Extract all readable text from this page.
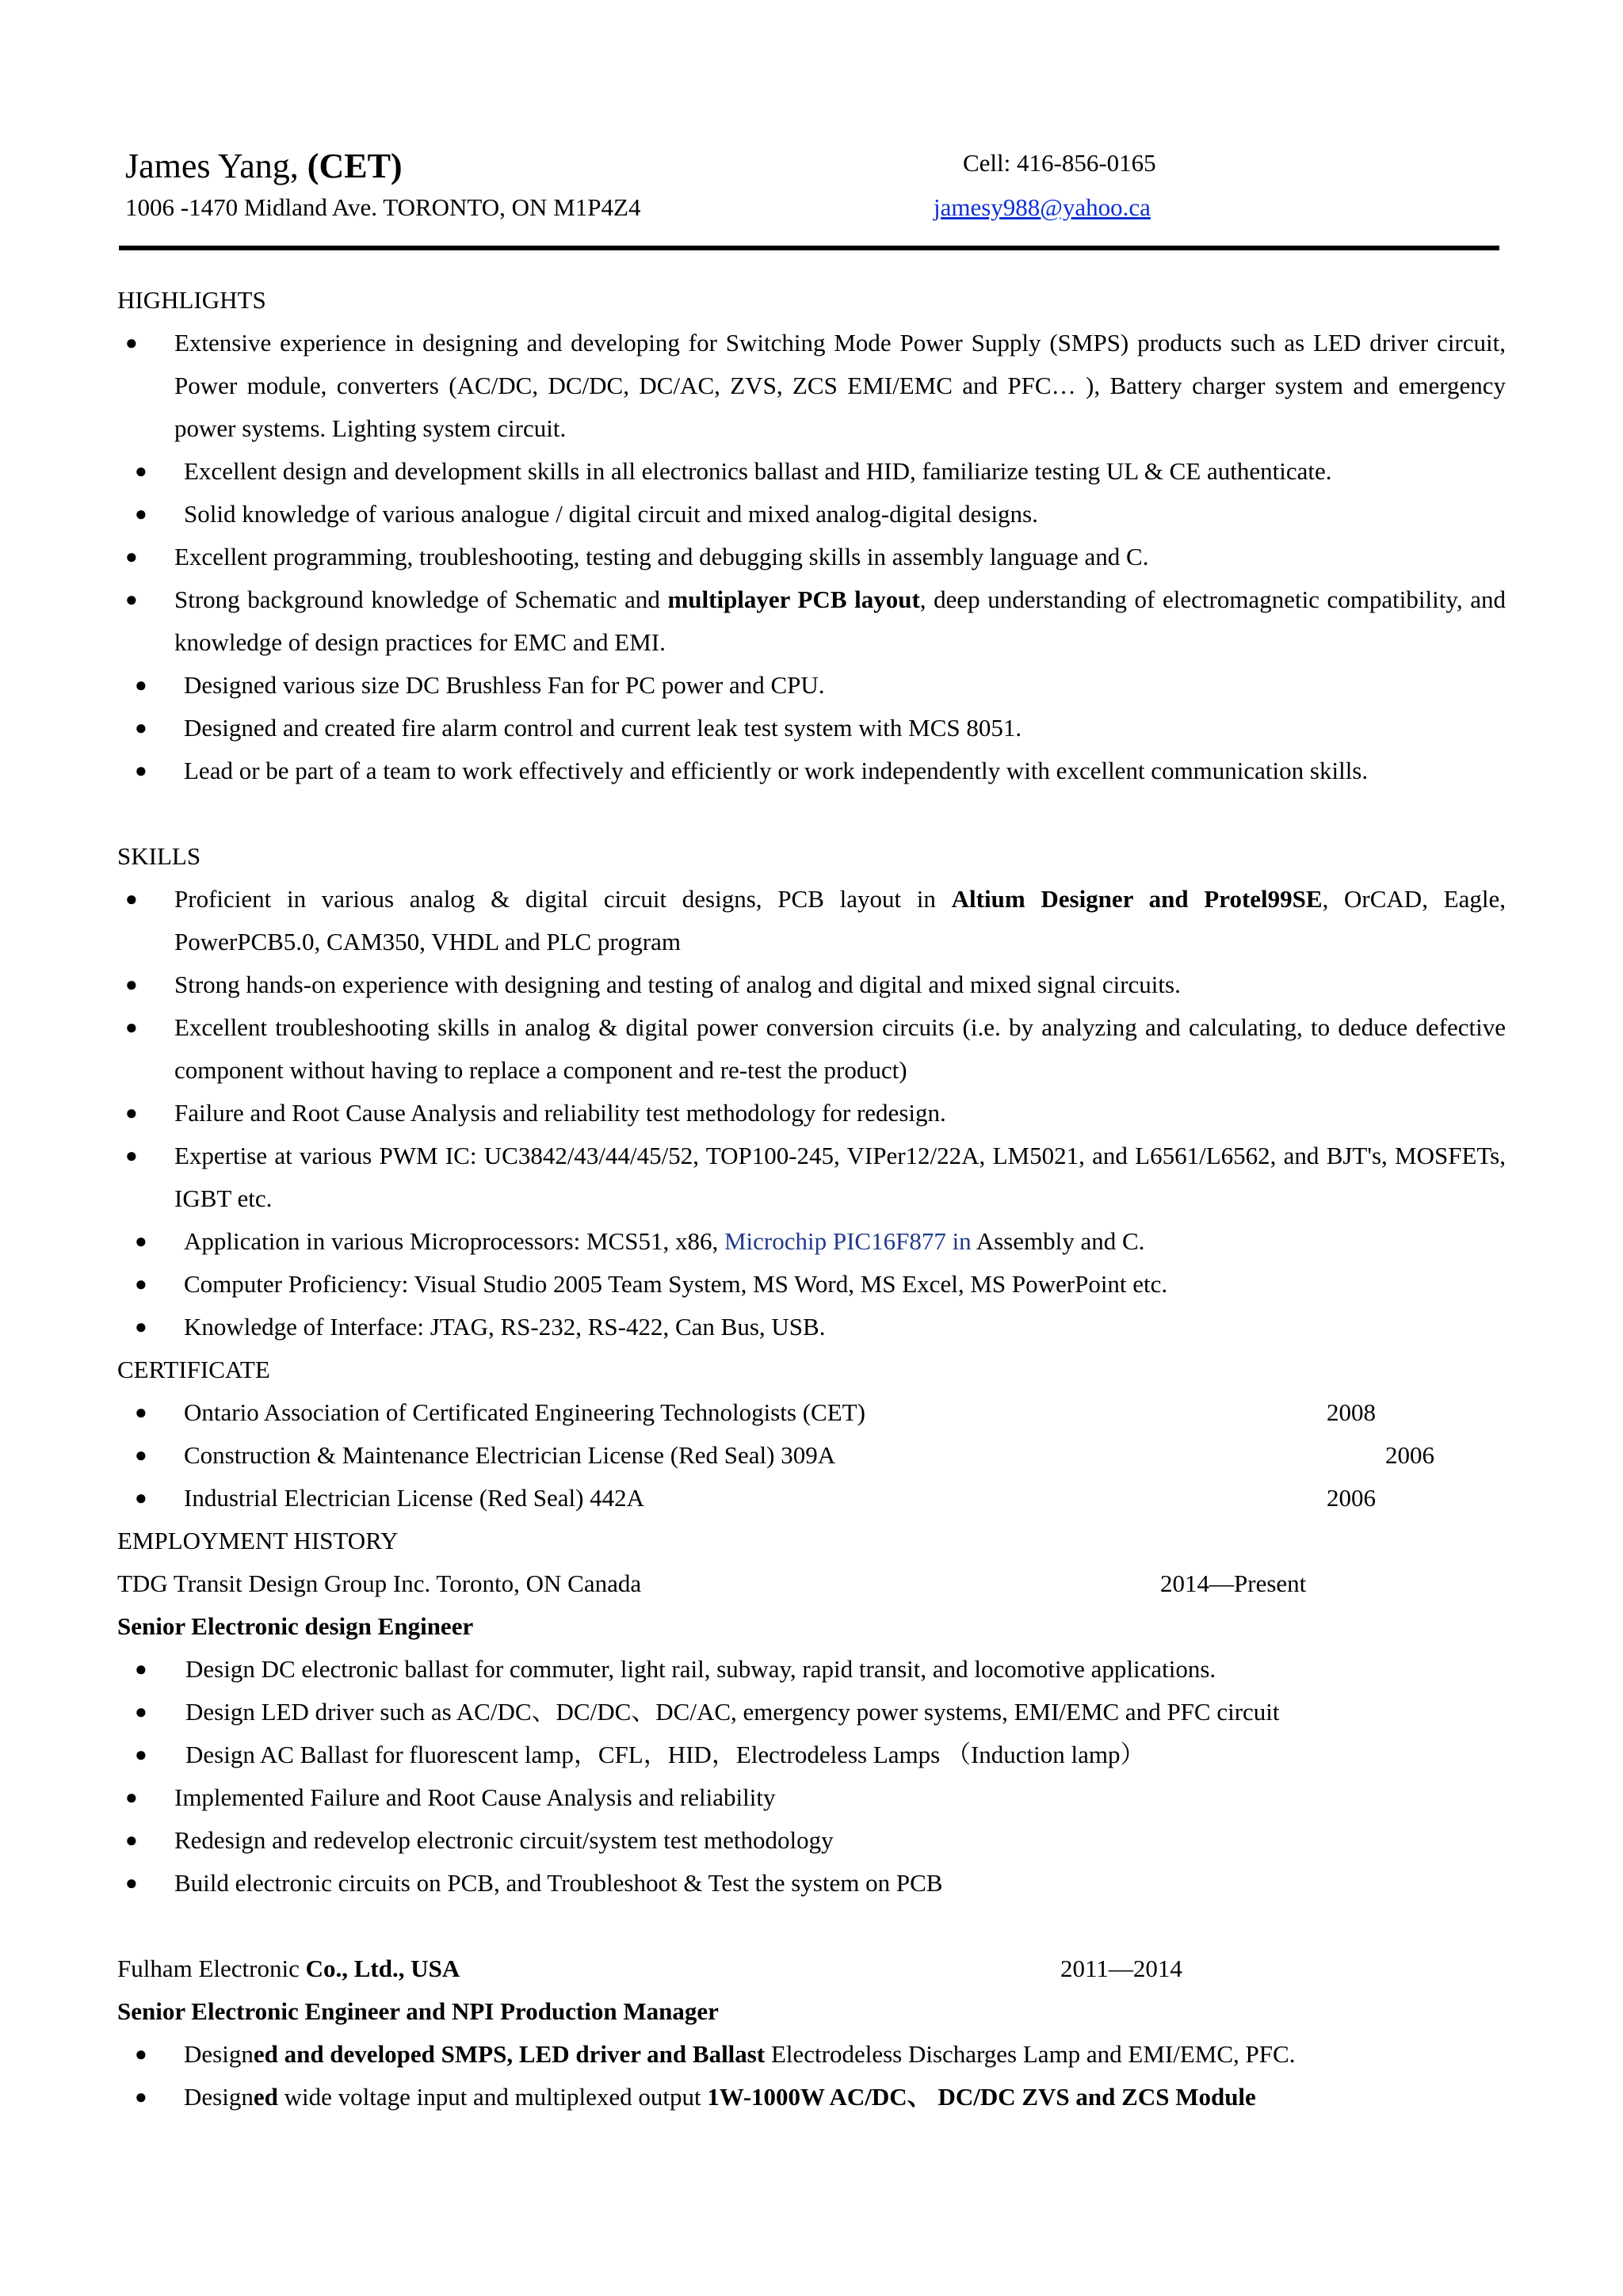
James Yang, (CET)
1006 -1470 Midland Ave. TORONTO, ON M1P4Z4
Cell: 416-856-0165
jamesy988@yahoo.ca
HIGHLIGHTS
●	Extensive experience in designing and developing for Switching Mode Power Supply (SMPS) products such as LED driver circuit, Power module, converters (AC/DC, DC/DC, DC/AC, ZVS, ZCS EMI/EMC and PFC… ), Battery charger system and emergency power systems. Lighting system circuit.
●	Excellent design and development skills in all electronics ballast and HID, familiarize testing UL & CE authenticate.
●	Solid knowledge of various analogue / digital circuit and mixed analog-digital designs.
●	Excellent programming, troubleshooting, testing and debugging skills in assembly language and C.
●	Strong background knowledge of Schematic and multiplayer PCB layout, deep understanding of electromagnetic compatibility, and knowledge of design practices for EMC and EMI.
●	Designed various size DC Brushless Fan for PC power and CPU.
●	Designed and created fire alarm control and current leak test system with MCS 8051.
●	Lead or be part of a team to work effectively and efficiently or work independently with excellent communication skills.
SKILLS
●	Proficient in various analog & digital circuit designs, PCB layout in Altium Designer and Protel99SE, OrCAD, Eagle, PowerPCB5.0, CAM350, VHDL and PLC program
●	Strong hands-on experience with designing and testing of analog and digital and mixed signal circuits.
●	Excellent troubleshooting skills in analog & digital power conversion circuits (i.e. by analyzing and calculating, to deduce defective component without having to replace a component and re-test the product)
●	Failure and Root Cause Analysis and reliability test methodology for redesign.
●	Expertise at various PWM IC: UC3842/43/44/45/52, TOP100-245, VIPer12/22A, LM5021, and L6561/L6562, and BJT's, MOSFETs, IGBT etc.
●	Application in various Microprocessors: MCS51, x86, Microchip PIC16F877 in Assembly and C.
●	Computer Proficiency: Visual Studio 2005 Team System, MS Word, MS Excel, MS PowerPoint etc.
●	Knowledge of Interface: JTAG, RS-232, RS-422, Can Bus, USB.
CERTIFICATE
●	Ontario Association of Certificated Engineering Technologists (CET)	2008
●	Construction & Maintenance Electrician License (Red Seal) 309A	2006
●	Industrial Electrician License (Red Seal) 442A	2006
EMPLOYMENT HISTORY
TDG Transit Design Group Inc. Toronto, ON Canada	2014—Present
Senior Electronic design Engineer
●	Design DC electronic ballast for commuter, light rail, subway, rapid transit, and locomotive applications.
●	Design LED driver such as AC/DC、DC/DC、DC/AC, emergency power systems, EMI/EMC and PFC circuit
●	Design AC Ballast for fluorescent lamp，CFL，HID，Electrodeless Lamps （Induction lamp）
●	Implemented Failure and Root Cause Analysis and reliability
●	Redesign and redevelop electronic circuit/system test methodology
●	Build electronic circuits on PCB, and Troubleshoot & Test the system on PCB
Fulham Electronic Co., Ltd., USA	2011—2014
Senior Electronic Engineer and NPI Production Manager
●	Designed and developed SMPS, LED driver and Ballast Electrodeless Discharges Lamp and EMI/EMC, PFC.
●	Designed wide voltage input and multiplexed output 1W-1000W AC/DC、 DC/DC ZVS and ZCS Module
